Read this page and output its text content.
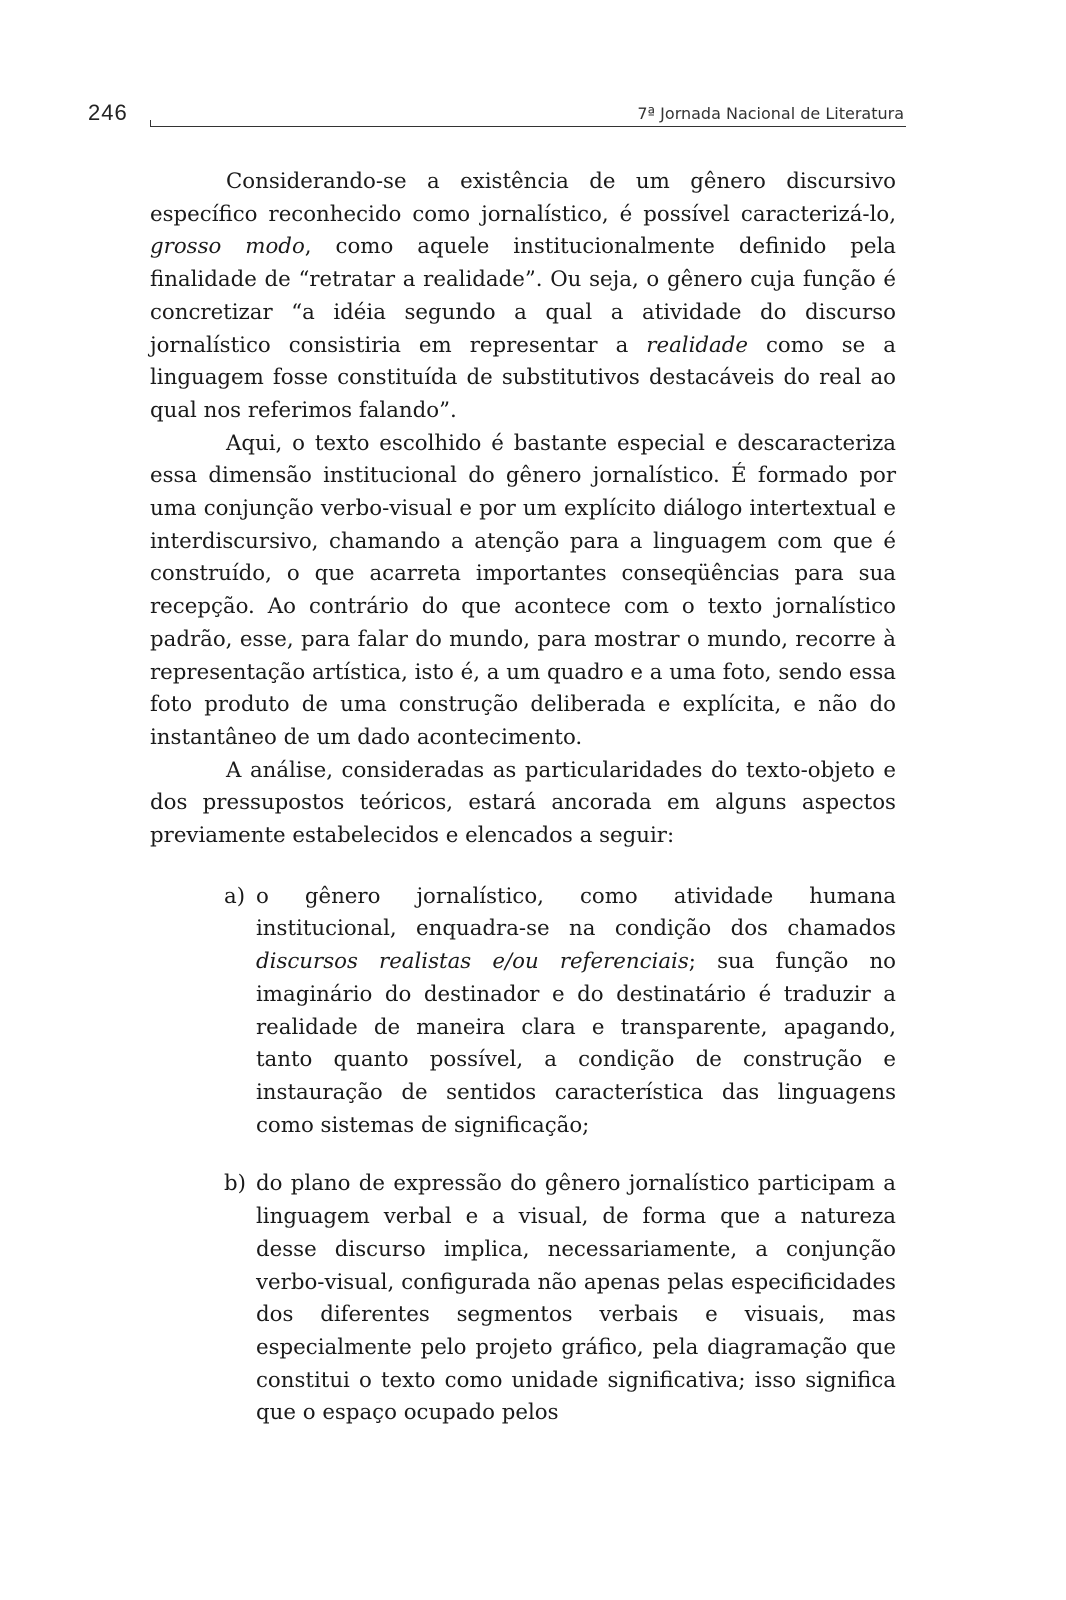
246	7ª Jornada Nacional de Literatura

Considerando-se a existência de um gênero discursivo específico reconhecido como jornalístico, é possível caracterizá-lo, grosso modo, como aquele institucionalmente definido pela finalidade de “retratar a realidade”. Ou seja, o gênero cuja função é concretizar “a idéia segundo a qual a atividade do discurso jornalístico consistiria em representar a realidade como se a linguagem fosse constituída de substitutivos destacáveis do real ao qual nos referimos falando”.

Aqui, o texto escolhido é bastante especial e descaracteriza essa dimensão institucional do gênero jornalístico. É formado por uma conjunção verbo-visual e por um explícito diálogo intertextual e interdiscursivo, chamando a atenção para a linguagem com que é construído, o que acarreta importantes conseqüências para sua recepção. Ao contrário do que acontece com o texto jornalístico padrão, esse, para falar do mundo, para mostrar o mundo, recorre à representação artística, isto é, a um quadro e a uma foto, sendo essa foto produto de uma construção deliberada e explícita, e não do instantâneo de um dado acontecimento.

A análise, consideradas as particularidades do texto-objeto e dos pressupostos teóricos, estará ancorada em alguns aspectos previamente estabelecidos e elencados a seguir:

a) o gênero jornalístico, como atividade humana institucional, enquadra-se na condição dos chamados discursos realistas e/ou referenciais; sua função no imaginário do destinador e do destinatário é traduzir a realidade de maneira clara e transparente, apagando, tanto quanto possível, a condição de construção e instauração de sentidos característica das linguagens como sistemas de significação;
b) do plano de expressão do gênero jornalístico participam a linguagem verbal e a visual, de forma que a natureza desse discurso implica, necessariamente, a conjunção verbo-visual, configurada não apenas pelas especificidades dos diferentes segmentos verbais e visuais, mas especialmente pelo projeto gráfico, pela diagramação que constitui o texto como unidade significativa; isso significa que o espaço ocupado pelos
